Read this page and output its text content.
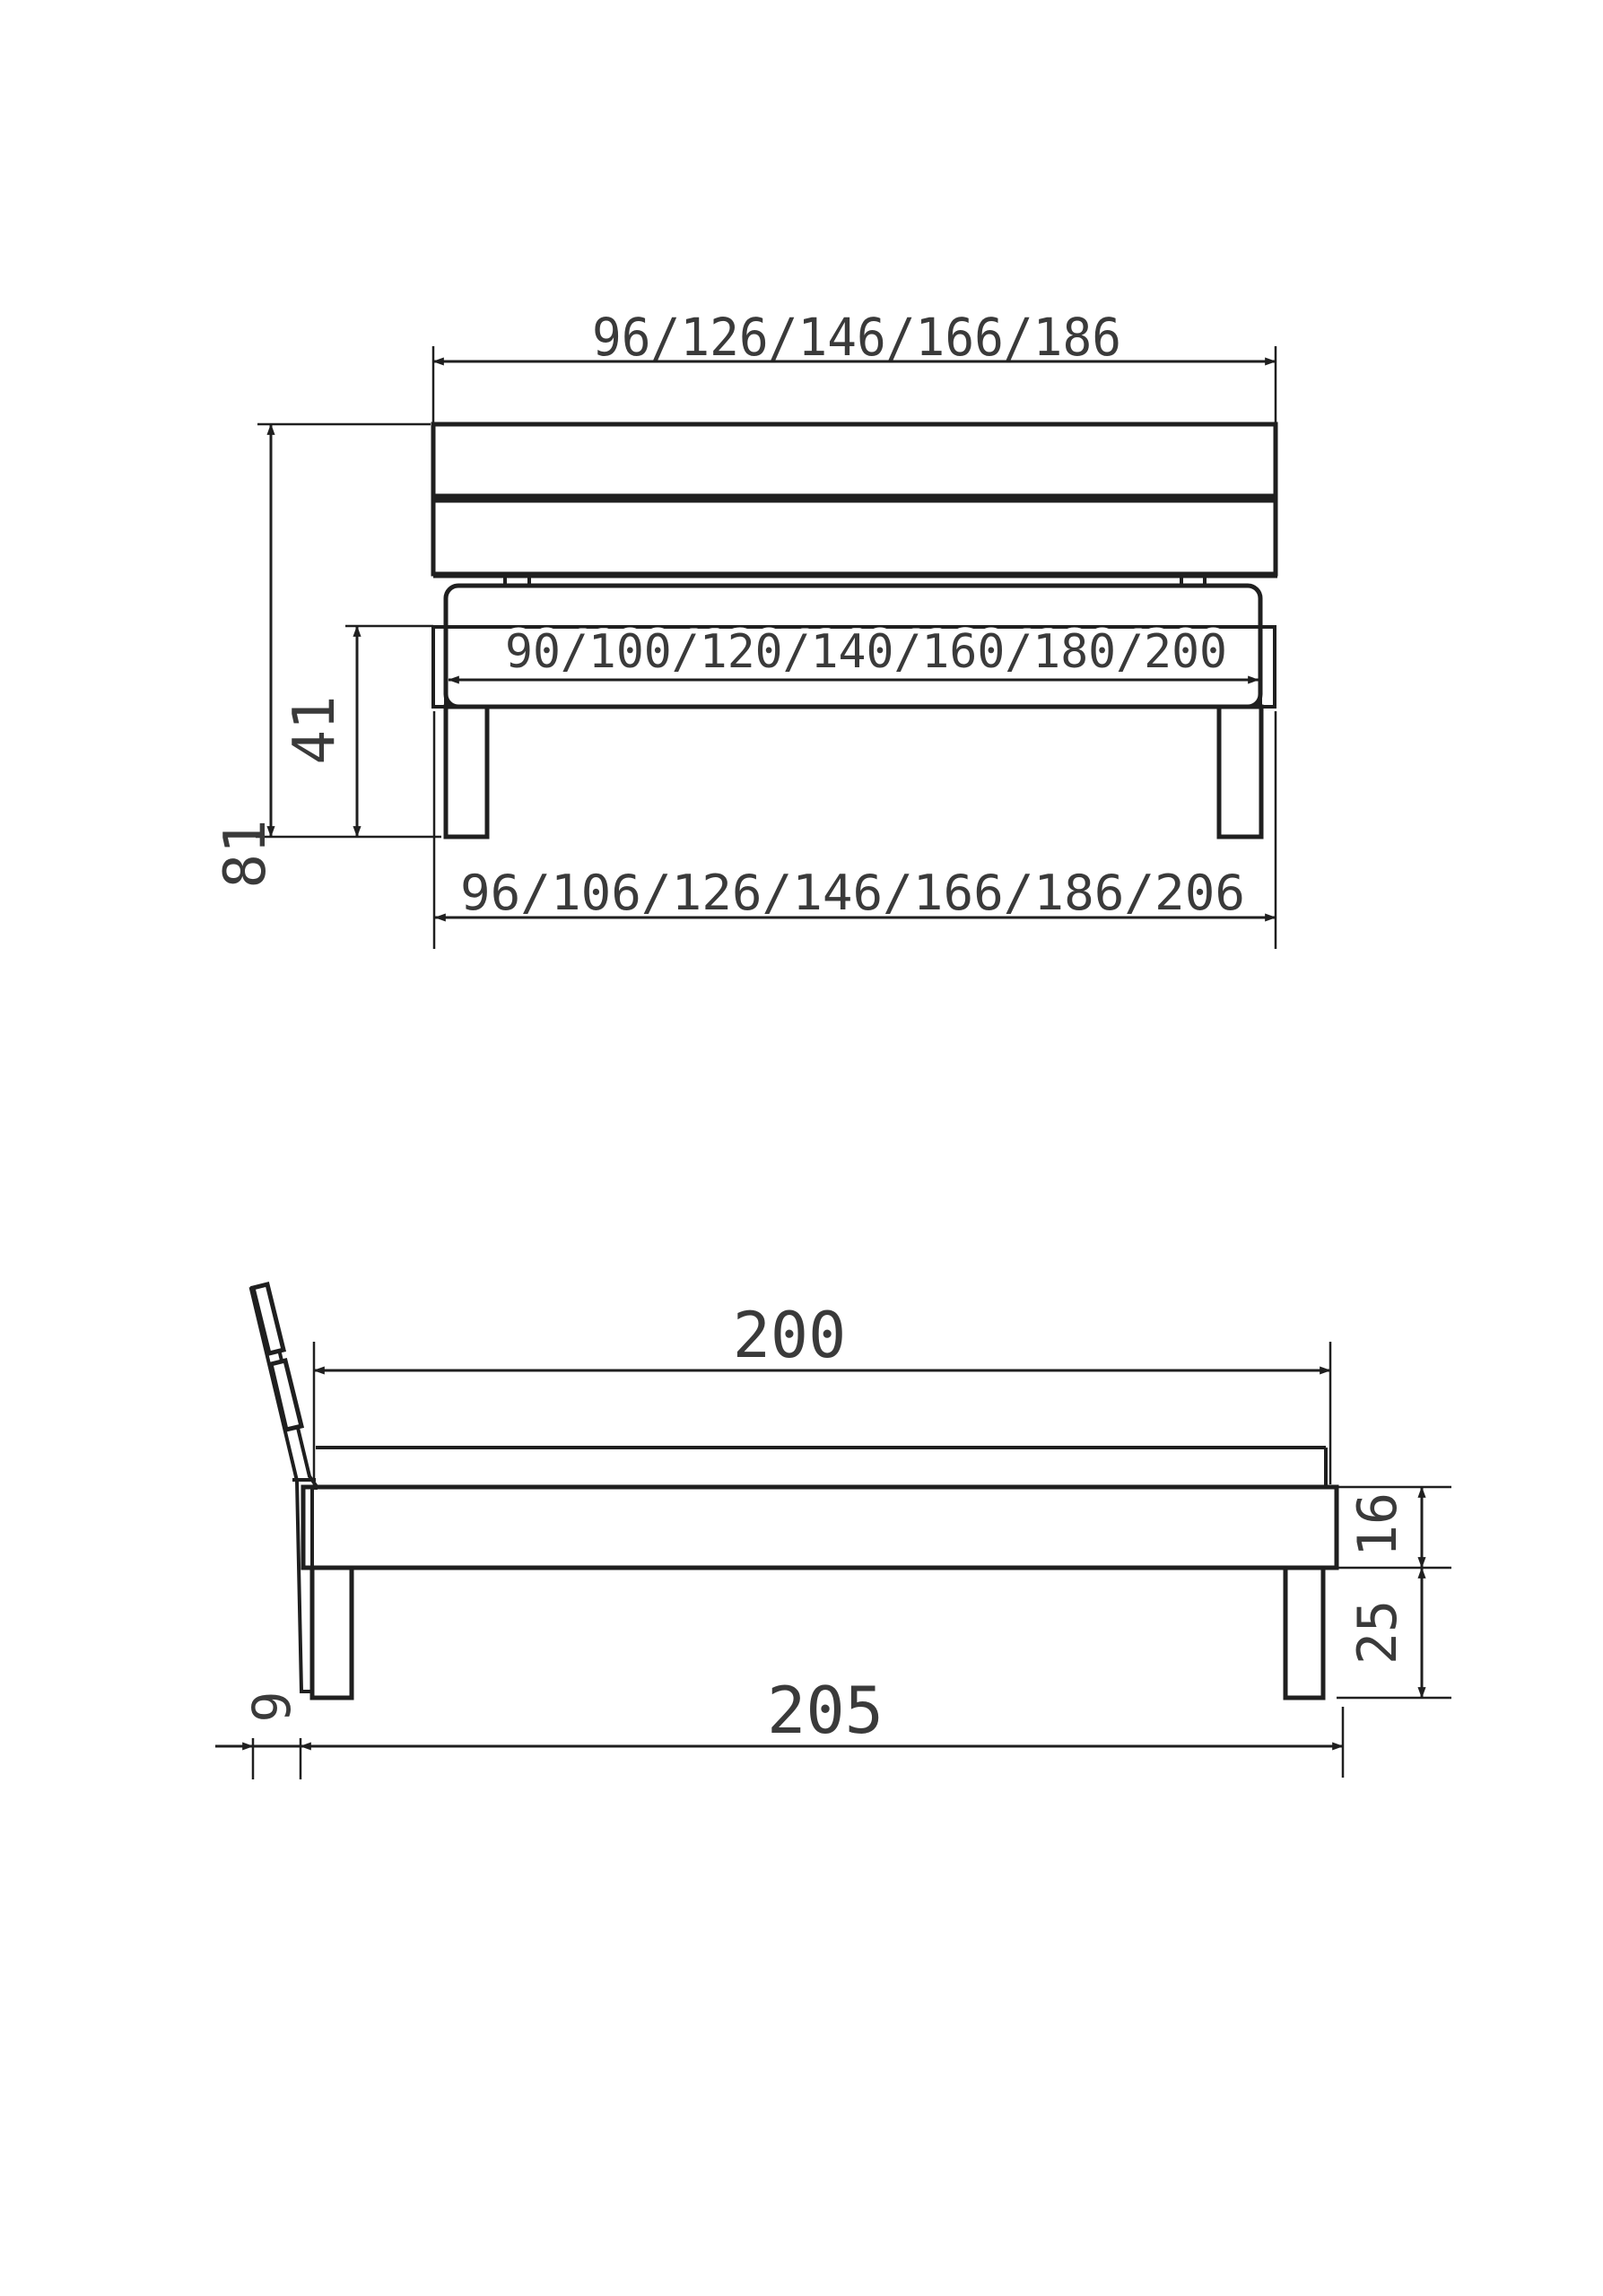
96/126/146/166/186
90/100/120/140/160/180/200
96/106/126/146/166/186/206
81
41
200
16
25
205
9
